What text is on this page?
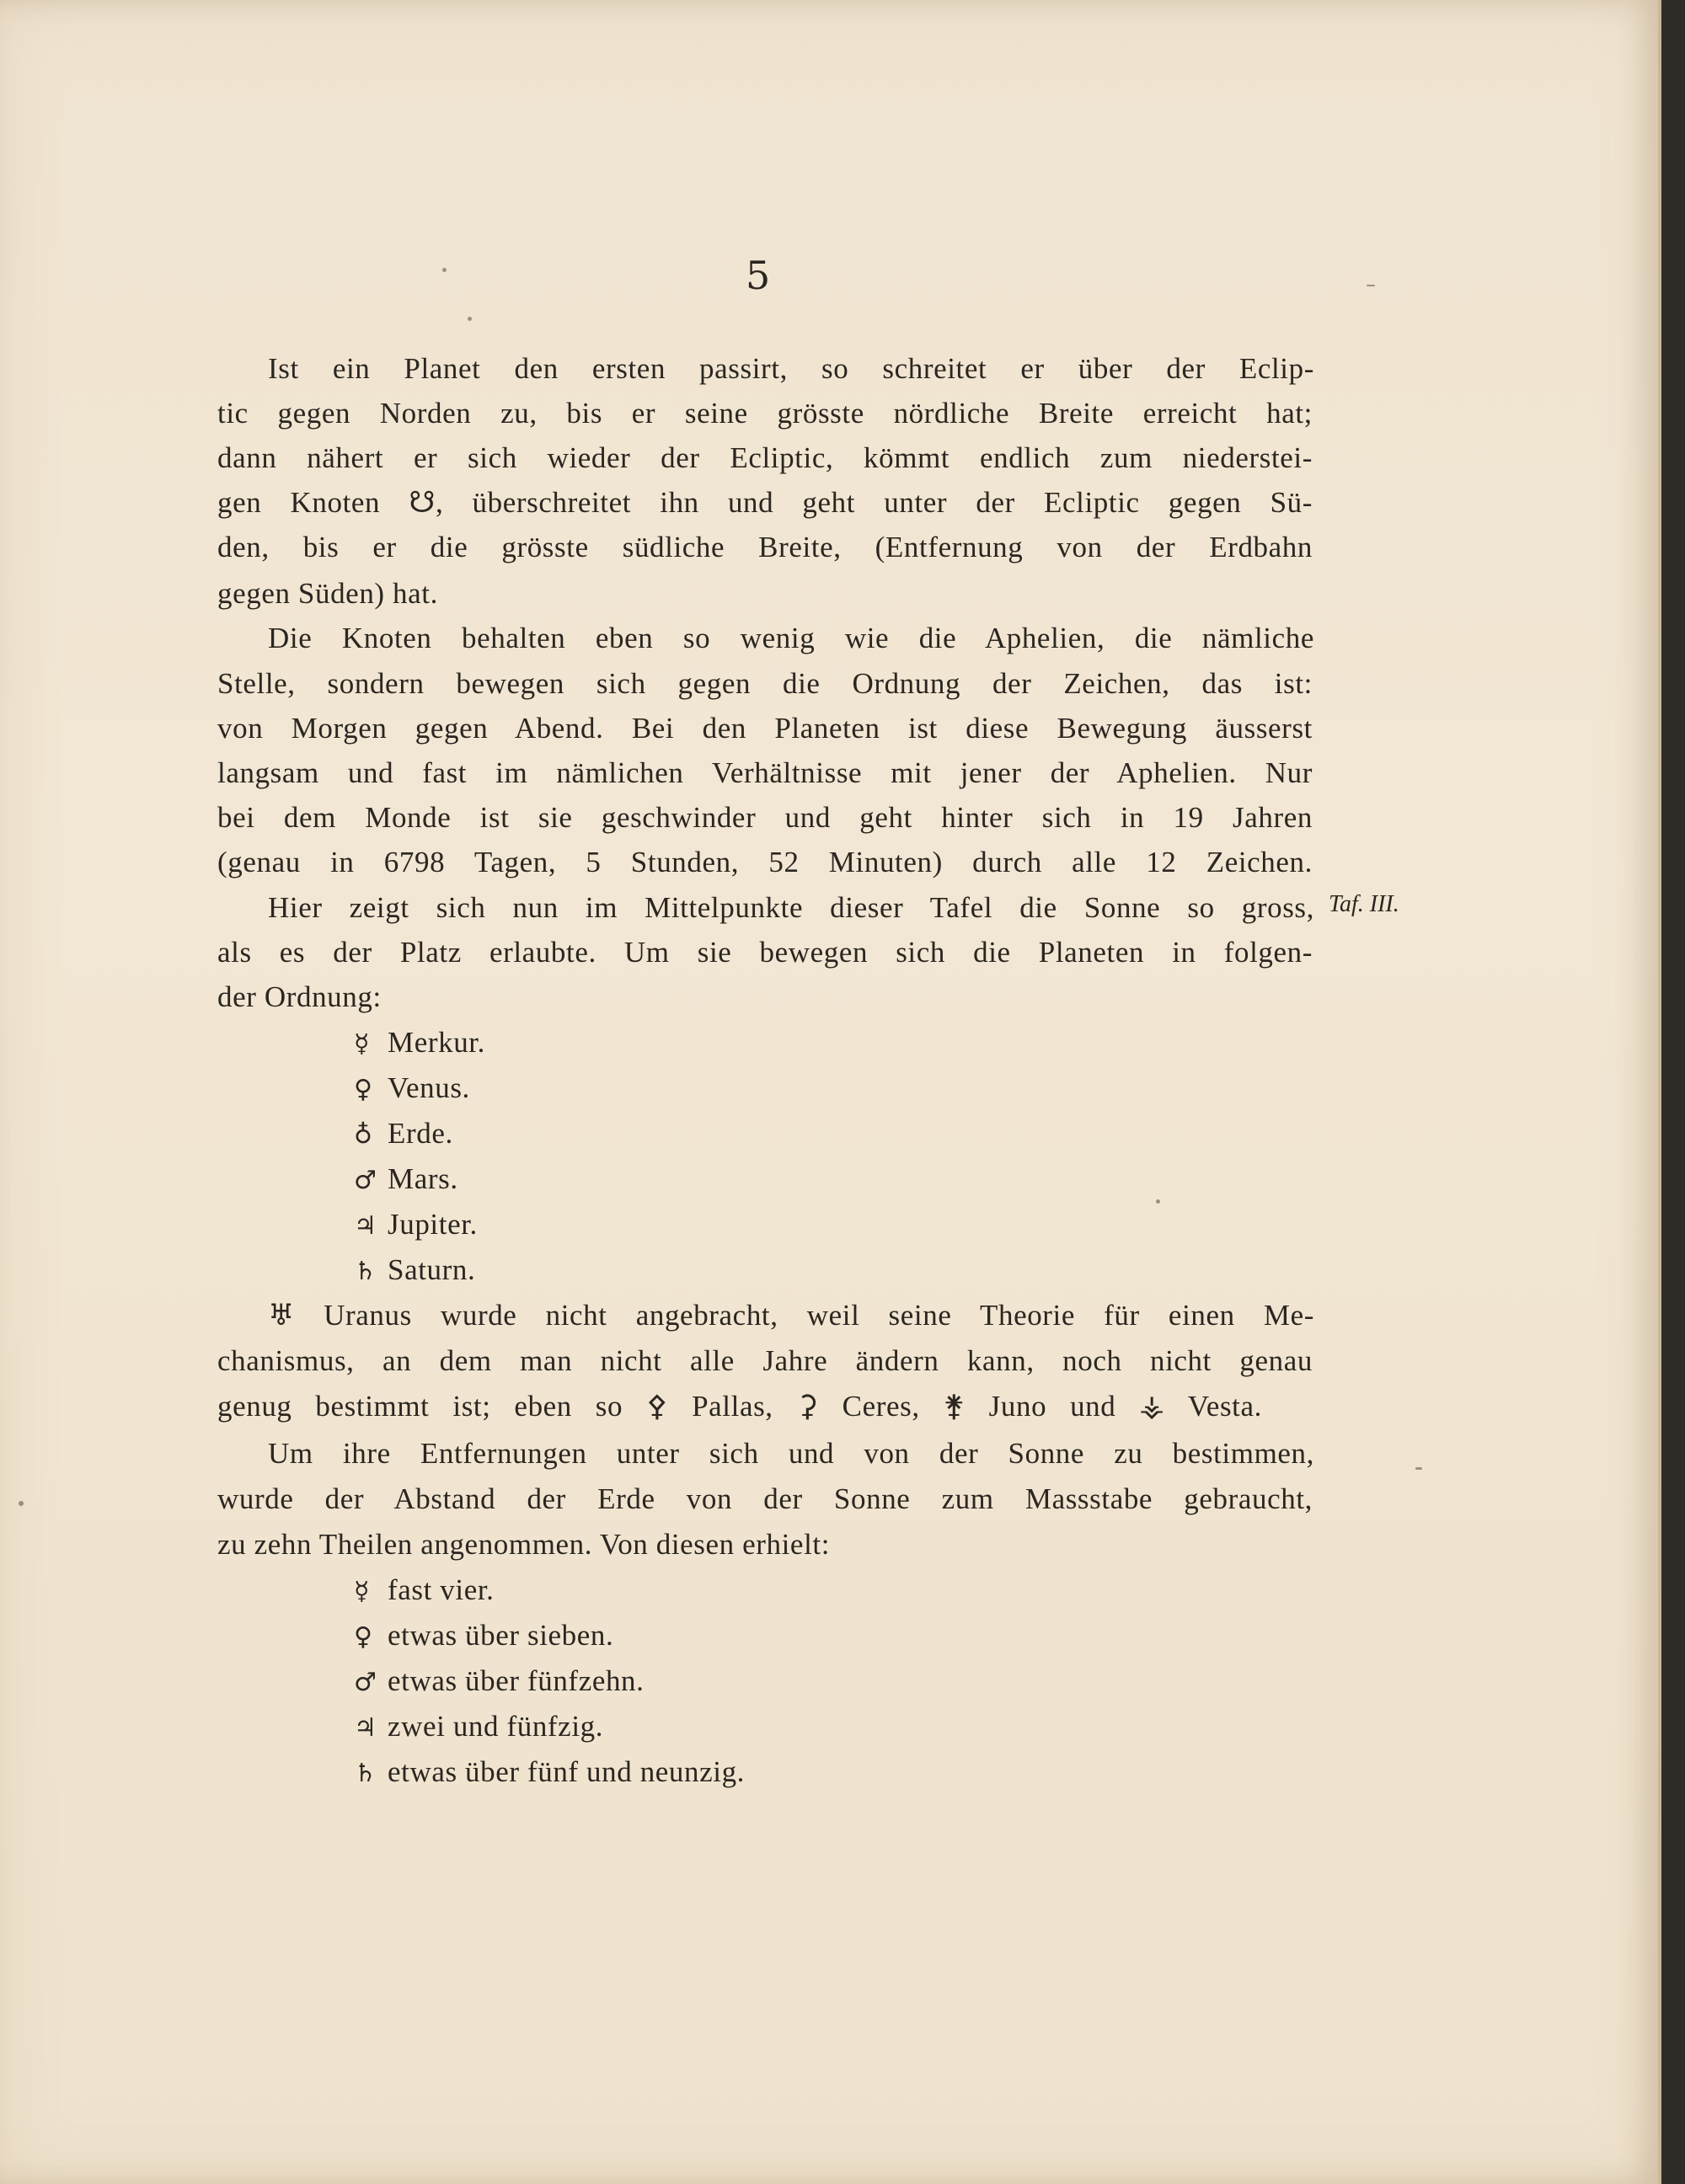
5
Ist ein Planet den ersten passirt, so schreitet er über der Eclip-
tic gegen Norden zu, bis er seine grösste nördliche Breite erreicht hat;
dann nähert er sich wieder der Ecliptic, kömmt endlich zum niederstei-
gen Knoten ☋, überschreitet ihn und geht unter der Ecliptic gegen Sü-
den, bis er die grösste südliche Breite, (Entfernung von der Erdbahn
gegen Süden) hat.
Die Knoten behalten eben so wenig wie die Aphelien, die nämliche
Stelle, sondern bewegen sich gegen die Ordnung der Zeichen, das ist:
von Morgen gegen Abend. Bei den Planeten ist diese Bewegung äusserst
langsam und fast im nämlichen Verhältnisse mit jener der Aphelien. Nur
bei dem Monde ist sie geschwinder und geht hinter sich in 19 Jahren
(genau in 6798 Tagen, 5 Stunden, 52 Minuten) durch alle 12 Zeichen.
Hier zeigt sich nun im Mittelpunkte dieser Tafel die Sonne so gross,
als es der Platz erlaubte. Um sie bewegen sich die Planeten in folgen-
der Ordnung:
Taf. III.
☿ Merkur.
♀ Venus.
♁ Erde.
♂ Mars.
♃ Jupiter.
♄ Saturn.
♅ Uranus wurde nicht angebracht, weil seine Theorie für einen Me-
chanismus, an dem man nicht alle Jahre ändern kann, noch nicht genau
genug bestimmt ist; eben so ⚴ Pallas, ⚳ Ceres, ⚵ Juno und ⚶ Vesta.
Um ihre Entfernungen unter sich und von der Sonne zu bestimmen,
wurde der Abstand der Erde von der Sonne zum Massstabe gebraucht,
zu zehn Theilen angenommen. Von diesen erhielt:
☿ fast vier.
♀ etwas über sieben.
♂ etwas über fünfzehn.
♃ zwei und fünfzig.
♄ etwas über fünf und neunzig.
